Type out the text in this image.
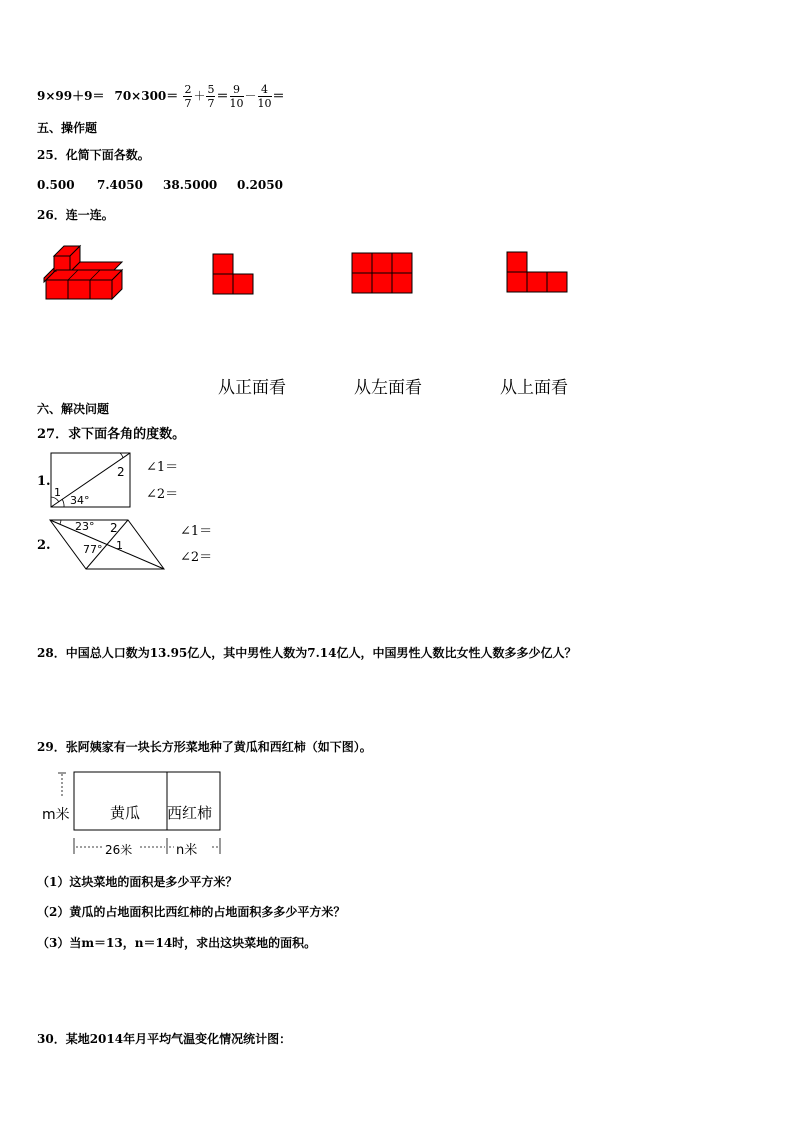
$9\times 99+9= 70\times 300= \frac{2}{7} + \frac{5}{7} = \frac{9}{10} - \frac{4}{10}$ ＝
五、操作题
25．化简下面各数。
0.500 7.4050 38.5000 0.2050
26．连一连。
从正面看	从左面看	从上面看
六、解决问题
27．求下面各角的度数。
1.
2
1
34°
∠1＝
∠2＝
2.
23°
77°
2
1
∠1＝
∠2＝
28．中国总人口数为13.95亿人，其中男性人数为7.14亿人，中国男性人数比女性人数多多少亿人？
29．张阿姨家有一块长方形菜地种了黄瓜和西红柿（如下图）。
m米	黄瓜 西红柿
26米	n米
（1）这块菜地的面积是多少平方米？
（2）黄瓜的占地面积比西红柿的占地面积多多少平方米？
（3）当m＝13，n＝14时，求出这块菜地的面积。
30．某地2014年月平均气温变化情况统计图：
